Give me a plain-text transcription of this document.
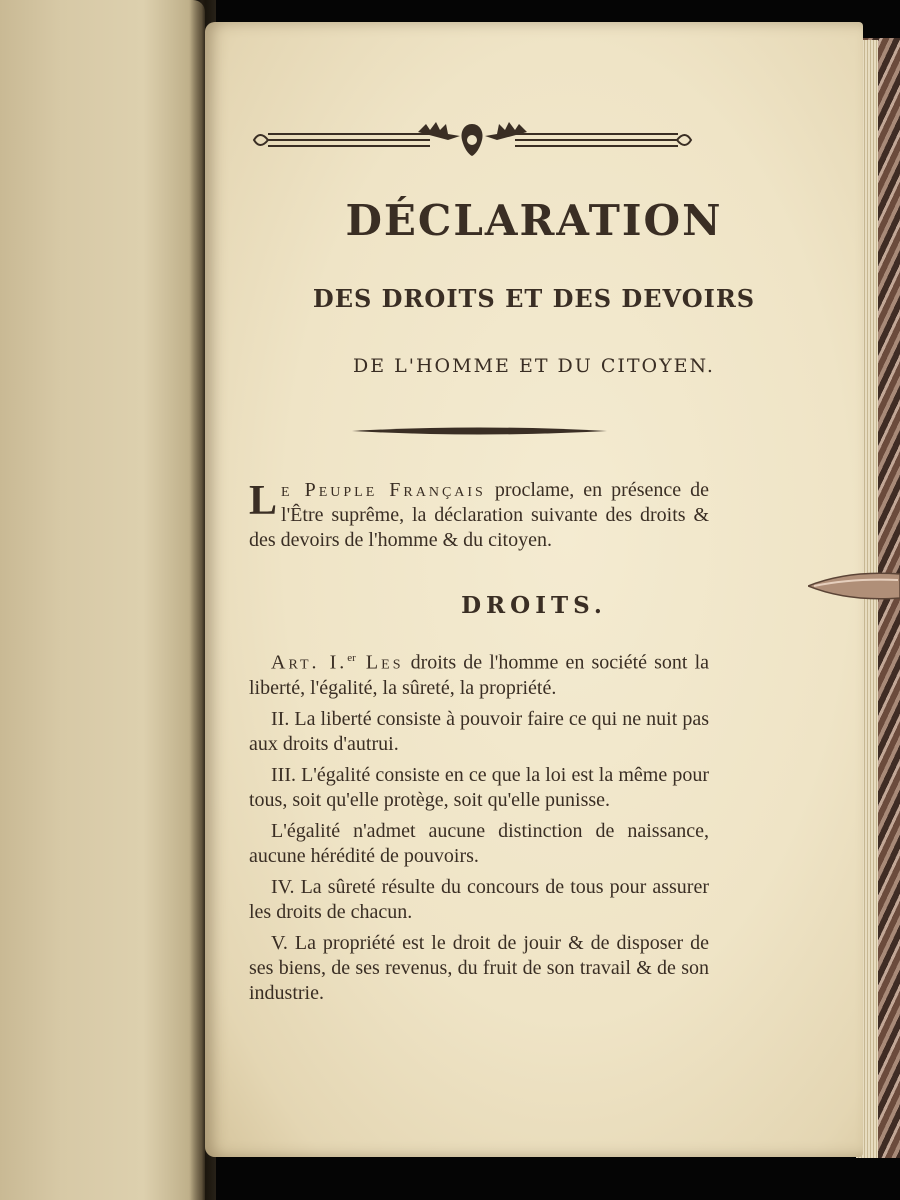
DÉCLARATION
DES DROITS ET DES DEVOIRS
DE L'HOMME ET DU CITOYEN.

Le Peuple Français proclame, en présence de l'Être suprême, la déclaration suivante des droits & des devoirs de l'homme & du citoyen.

DROITS.

Art. I.$^{er}$ Les droits de l'homme en société sont la liberté, l'égalité, la sûreté, la propriété.

II. La liberté consiste à pouvoir faire ce qui ne nuit pas aux droits d'autrui.

III. L'égalité consiste en ce que la loi est la même pour tous, soit qu'elle protège, soit qu'elle punisse.

L'égalité n'admet aucune distinction de naissance, aucune hérédité de pouvoirs.

IV. La sûreté résulte du concours de tous pour assurer les droits de chacun.

V. La propriété est le droit de jouir & de disposer de ses biens, de ses revenus, du fruit de son travail & de son industrie.
